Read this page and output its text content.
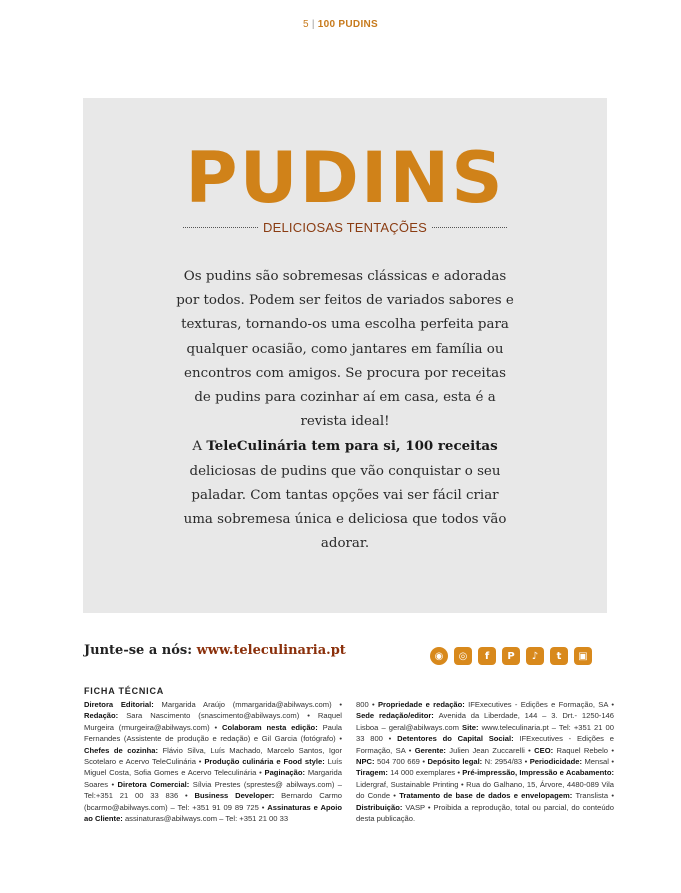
5 | 100 PUDINS
PUDINS
DELICIOSAS TENTAÇÕES

Os pudins são sobremesas clássicas e adoradas por todos. Podem ser feitos de variados sabores e texturas, tornando-os uma escolha perfeita para qualquer ocasião, como jantares em família ou encontros com amigos. Se procura por receitas de pudins para cozinhar aí em casa, esta é a revista ideal!

A TeleCulinária tem para si, 100 receitas deliciosas de pudins que vão conquistar o seu paladar. Com tantas opções vai ser fácil criar uma sobremesa única e deliciosa que todos vão adorar.

Junte-se a nós: www.teleculinaria.pt	◉	◎	f	P	♪	t	▣
FICHA TÉCNICA
Diretora Editorial: Margarida Araújo (mmargarida@abilways.com) • Redação: Sara Nascimento (snascimento@abilways.com) • Raquel Murgeira (rmurgeira@abilways.com) • Colaboram nesta edição: Paula Fernandes (Assistente de produção e redação) e Gil Garcia (fotógrafo) • Chefes de cozinha: Flávio Silva, Luís Machado, Marcelo Santos, Igor Scotelaro e Acervo TeleCulinária • Produção culinária e Food style: Luís Miguel Costa, Sofia Gomes e Acervo Teleculinária • Paginação: Margarida Soares • Diretora Comercial: Sílvia Prestes (sprestes@ abilways.com) – Tel:+351 21 00 33 836 • Business Developer: Bernardo Carmo (bcarmo@abilways.com) – Tel: +351 91 09 89 725 • Assinaturas e Apoio ao Cliente: assinaturas@abilways.com – Tel: +351 21 00 33
800 • Propriedade e redação: IFExecutives - Edições e Formação, SA • Sede redação/editor: Avenida da Liberdade, 144 – 3. Drt.- 1250-146 Lisboa – geral@abilways.com Site: www.teleculinaria.pt – Tel: +351 21 00 33 800 • Detentores do Capital Social: IFExecutives - Edições e Formação, SA • Gerente: Julien Jean Zuccarelli • CEO: Raquel Rebelo • NPC: 504 700 669 • Depósito legal: N: 2954/83 • Periodicidade: Mensal • Tiragem: 14 000 exemplares • Pré-impressão, Impressão e Acabamento: Lidergraf, Sustainable Printing • Rua do Galhano, 15, Árvore, 4480-089 Vila do Conde • Tratamento de base de dados e envelopagem: Translista • Distribuição: VASP • Proibida a reprodução, total ou parcial, do conteúdo desta publicação.
